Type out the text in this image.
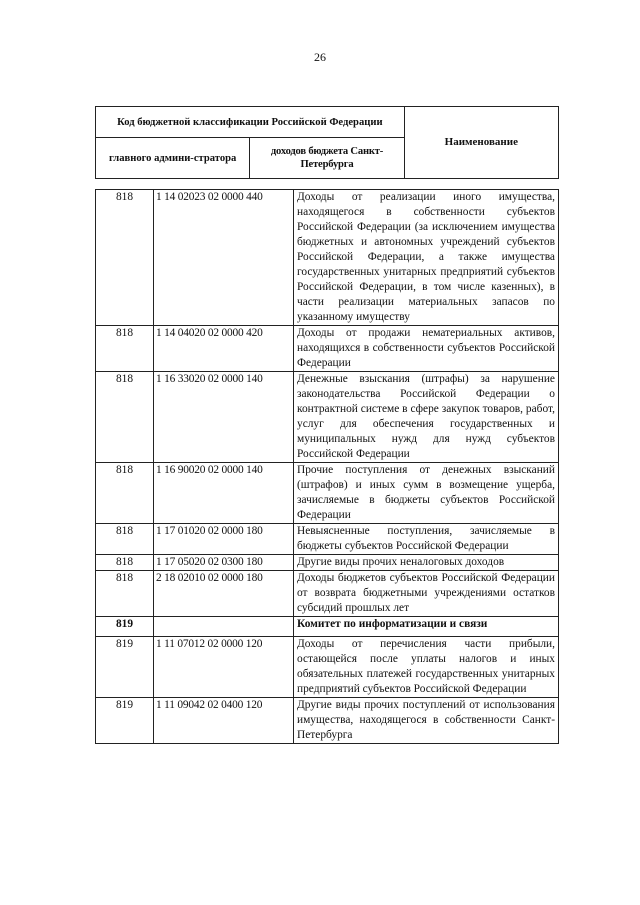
26
Код бюджетной классификации Российской Федерации		Наименование
главного админи-стратора	доходов бюджета Санкт-Петербурга	
818	1 14 02023 02 0000 440	Доходы от реализации иного имущества, находящегося в собственности субъектов Российской Федерации (за исключением имущества бюджетных и автономных учреждений субъектов Российской Федерации, а также имущества государственных унитарных предприятий субъектов Российской Федерации, в том числе казенных), в части реализации материальных запасов по указанному имуществу
818	1 14 04020 02 0000 420	Доходы от продажи нематериальных активов, находящихся в собственности субъектов Российской Федерации
818	1 16 33020 02 0000 140	Денежные взыскания (штрафы) за нарушение законодательства Российской Федерации о контрактной системе в сфере закупок товаров, работ, услуг для обеспечения государственных и муниципальных нужд для нужд субъектов Российской Федерации
818	1 16 90020 02 0000 140	Прочие поступления от денежных взысканий (штрафов) и иных сумм в возмещение ущерба, зачисляемые в бюджеты субъектов Российской Федерации
818	1 17 01020 02 0000 180	Невыясненные поступления, зачисляемые в бюджеты субъектов Российской Федерации
818	1 17 05020 02 0300 180	Другие виды прочих неналоговых доходов
818	2 18 02010 02 0000 180	Доходы бюджетов субъектов Российской Федерации от возврата бюджетными учреждениями остатков субсидий прошлых лет
819		Комитет по информатизации и связи
819	1 11 07012 02 0000 120	Доходы от перечисления части прибыли, остающейся после уплаты налогов и иных обязательных платежей государственных унитарных предприятий субъектов Российской Федерации
819	1 11 09042 02 0400 120	Другие виды прочих поступлений от использования имущества, находящегося в собственности Санкт-Петербурга
